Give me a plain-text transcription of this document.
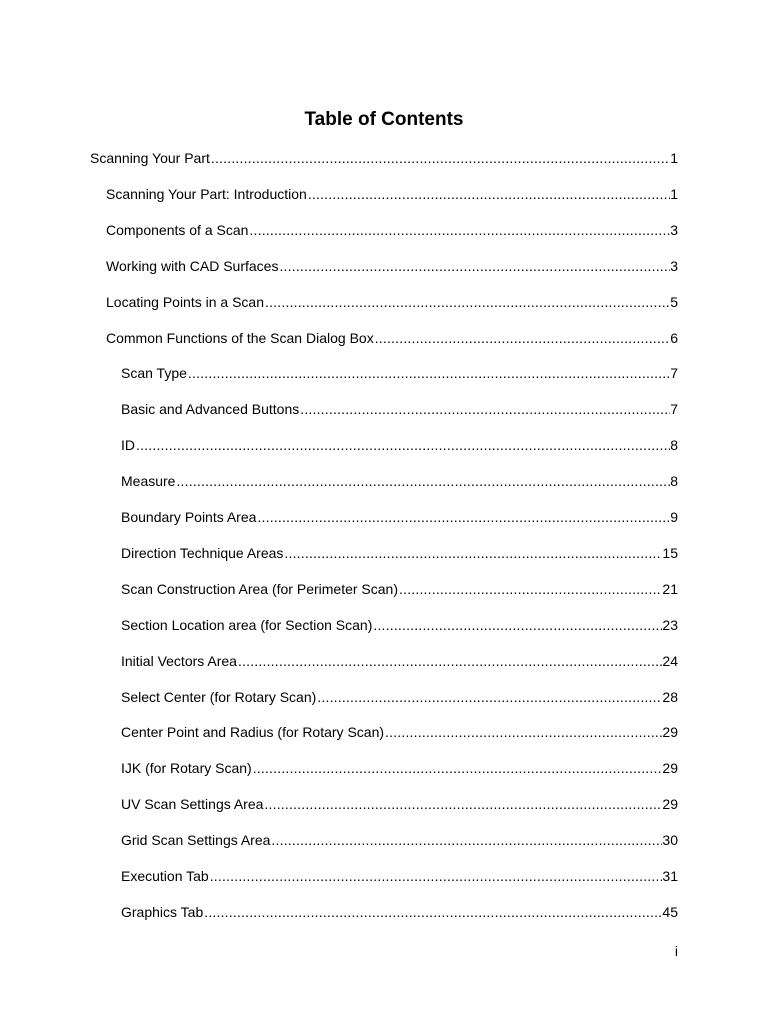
Table of Contents
Scanning Your Part .....	1
Scanning Your Part: Introduction .....	1
Components of a Scan .....	3
Working with CAD Surfaces .....	3
Locating Points in a Scan .....	5
Common Functions of the Scan Dialog Box .....	6
Scan Type .....	7
Basic and Advanced Buttons .....	7
ID .....	8
Measure .....	8
Boundary Points Area .....	9
Direction Technique Areas .....	15
Scan Construction Area (for Perimeter Scan) .....	21
Section Location area (for Section Scan) .....	23
Initial Vectors Area .....	24
Select Center (for Rotary Scan) .....	28
Center Point and Radius (for Rotary Scan) .....	29
IJK (for Rotary Scan) .....	29
UV Scan Settings Area .....	29
Grid Scan Settings Area .....	30
Execution Tab .....	31
Graphics Tab .....	45
i
